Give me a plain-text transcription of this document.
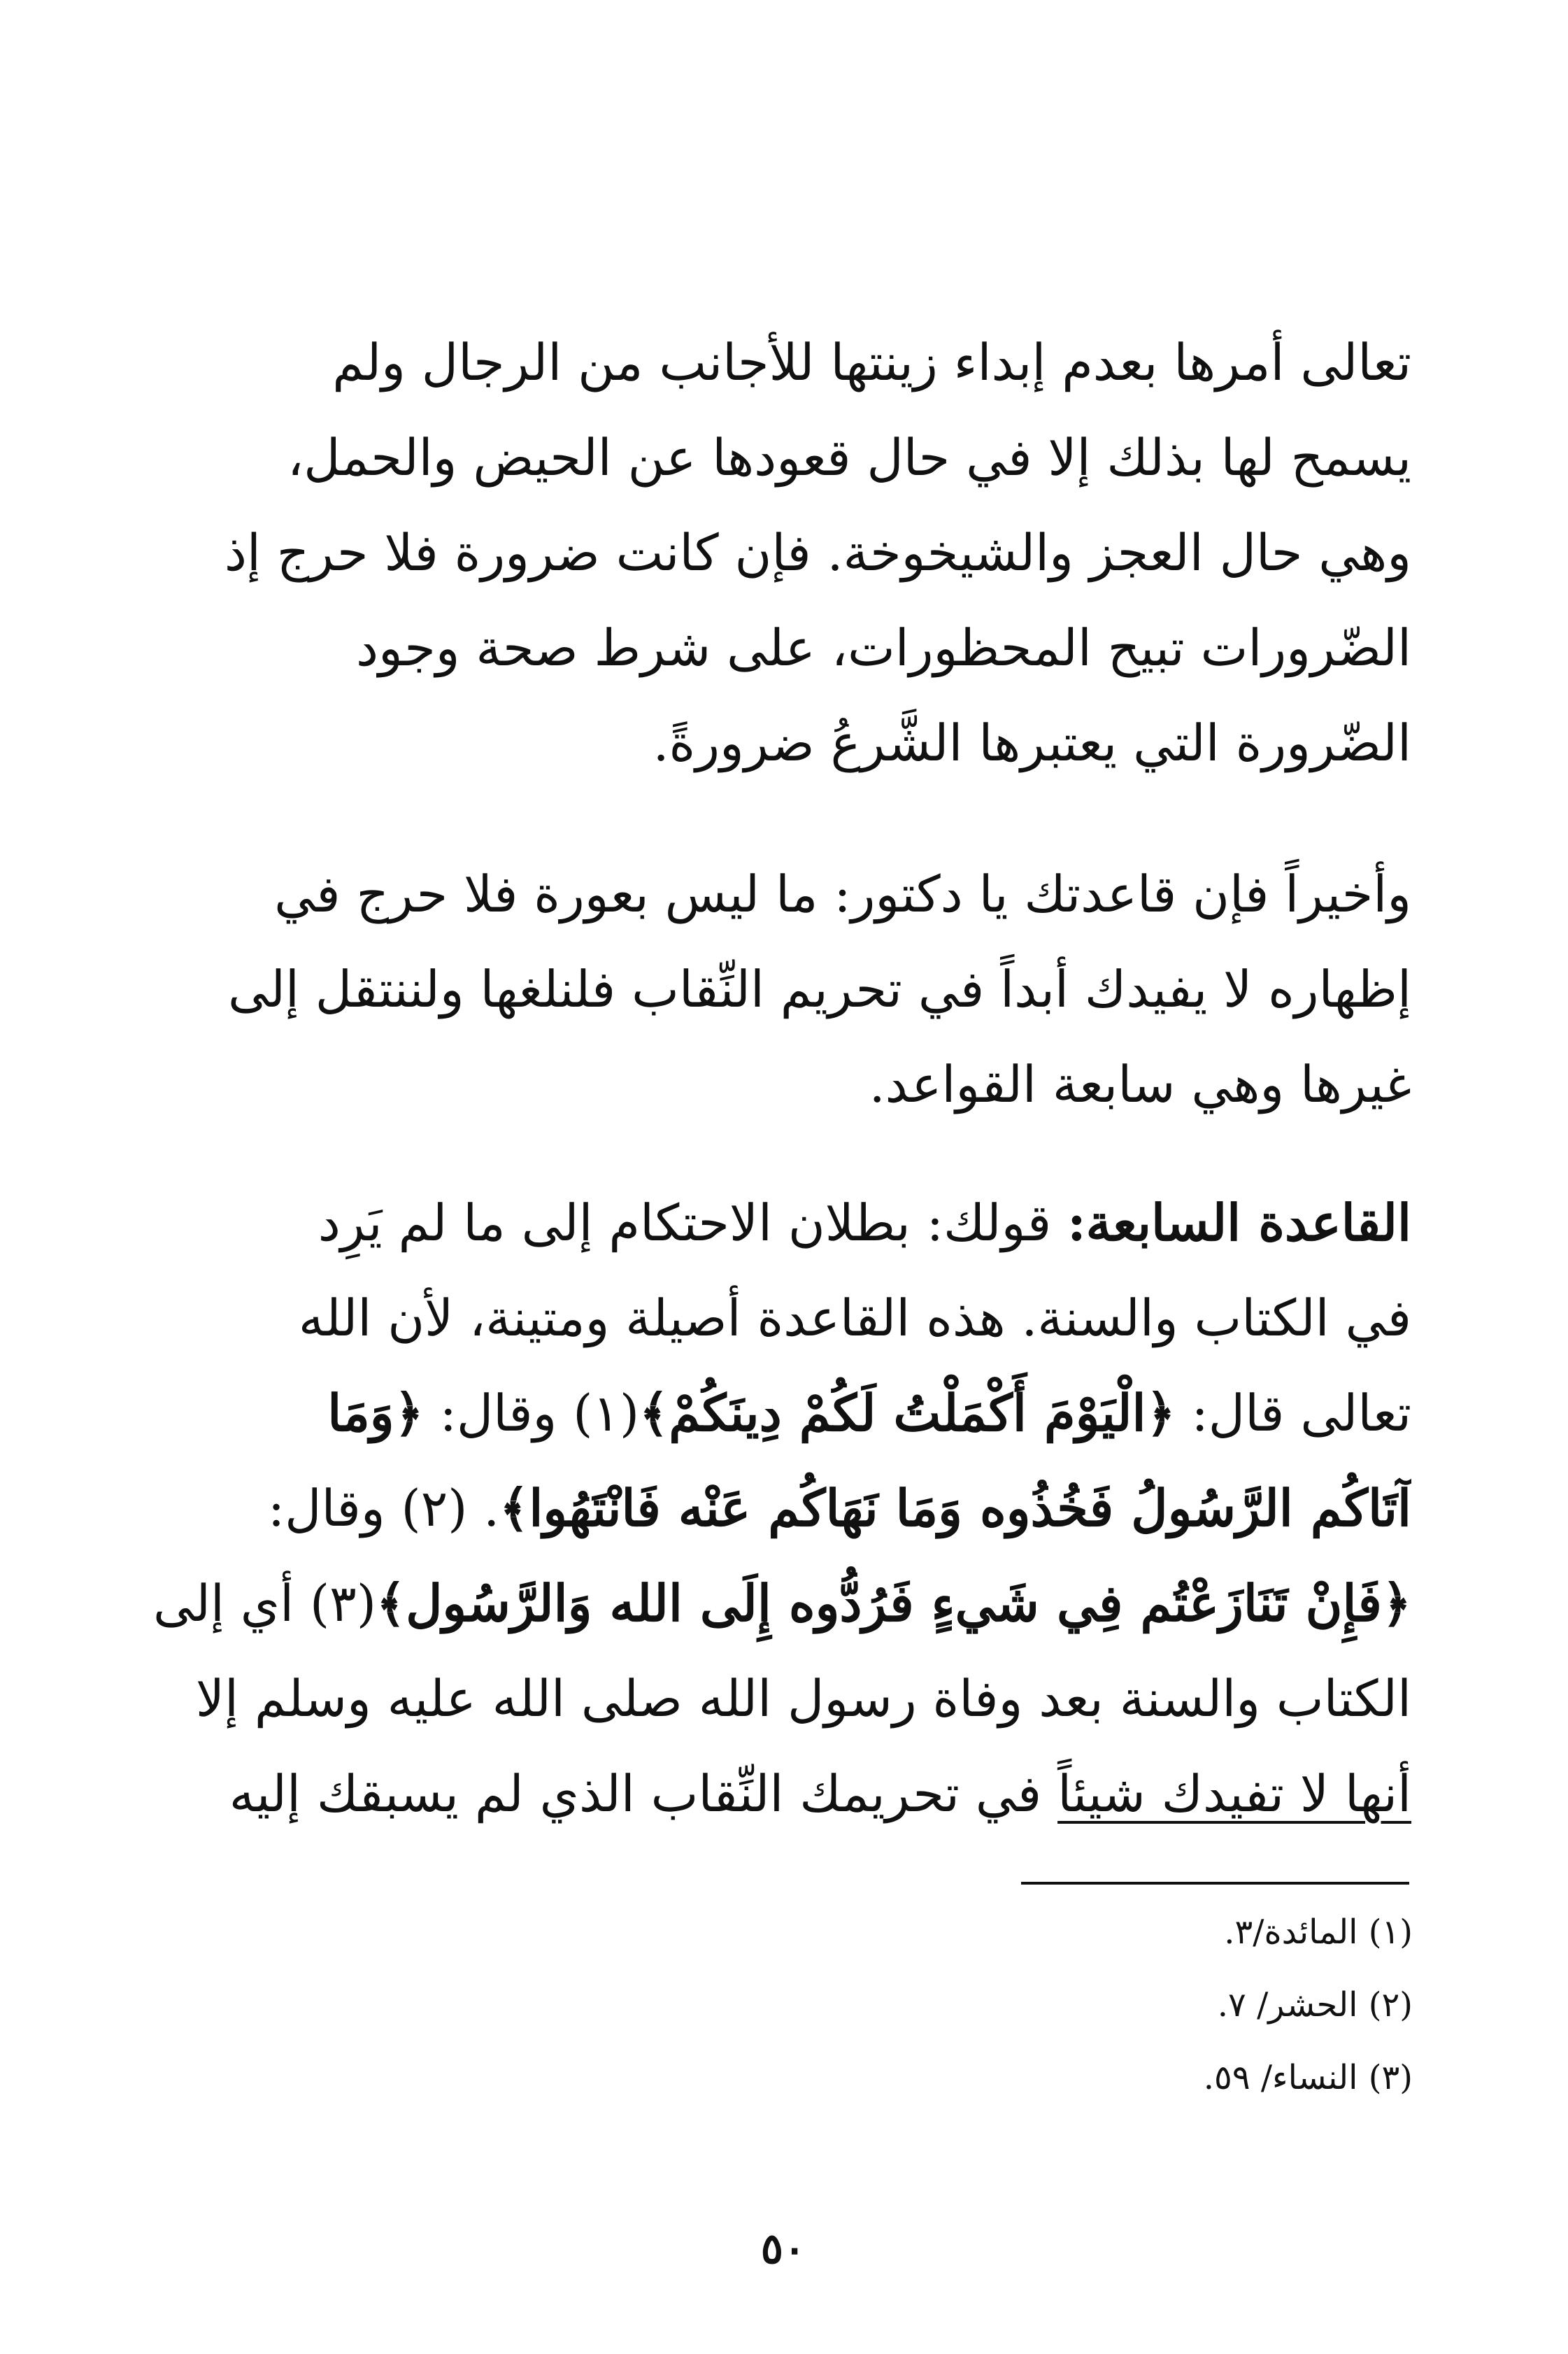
تعالى أمرها بعدم إبداء زينتها للأجانب من الرجال ولم
يسمح لها بذلك إلا في حال قعودها عن الحيض والحمل،
وهي حال العجز والشيخوخة. فإن كانت ضرورة فلا حرج إذ
الضّرورات تبيح المحظورات، على شرط صحة وجود
الضّرورة التي يعتبرها الشَّرعُ ضرورةً.
وأخيراً فإن قاعدتك يا دكتور: ما ليس بعورة فلا حرج في
إظهاره لا يفيدك أبداً في تحريم النِّقاب فلنلغها ولننتقل إلى
غيرها وهي سابعة القواعد.
القاعدة السابعة: قولك: بطلان الاحتكام إلى ما لم يَرِد
في الكتاب والسنة. هذه القاعدة أصيلة ومتينة، لأن الله
تعالى قال: ﴿الْيَوْمَ أَكْمَلْتُ لَكُمْ دِينَكُمْ﴾(١) وقال: ﴿وَمَا
آتَاكُم الرَّسُولُ فَخُذُوه وَمَا نَهَاكُم عَنْه فَانْتَهُوا﴾. (٢) وقال:
﴿فَإِنْ تَنَازَعْتُم فِي شَيءٍ فَرُدُّوه إِلَى الله وَالرَّسُول﴾(٣) أي إلى
الكتاب والسنة بعد وفاة رسول الله صلى الله عليه وسلم إلا
أنها لا تفيدك شيئاً في تحريمك النِّقاب الذي لم يسبقك إليه
(١) المائدة/٣.
(٢) الحشر/ ٧.
(٣) النساء/ ٥٩.
٥٠
